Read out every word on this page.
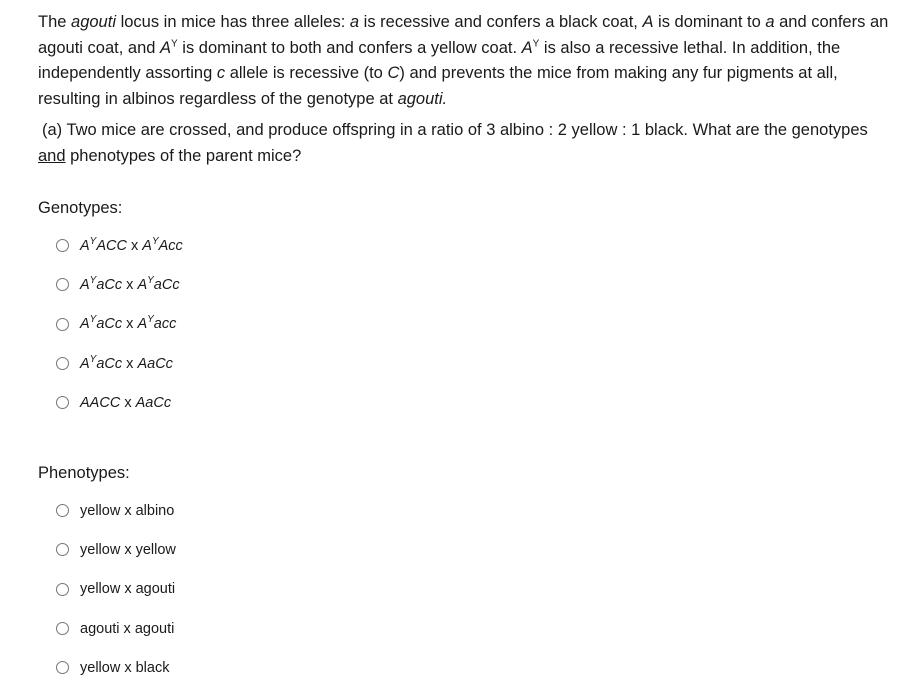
The agouti locus in mice has three alleles: a is recessive and confers a black coat, A is dominant to a and confers an agouti coat, and $A^Y$ is dominant to both and confers a yellow coat. $A^Y$ is also a recessive lethal. In addition, the independently assorting c allele is recessive (to C) and prevents the mice from making any fur pigments at all, resulting in albinos regardless of the genotype at agouti.

(a) Two mice are crossed, and produce offspring in a ratio of 3 albino : 2 yellow : 1 black. What are the genotypes and phenotypes of the parent mice?

Genotypes:

$A^YACC$ x $A^YAcc$
$A^YaCc$ x $A^YaCc$
$A^YaCc$ x $A^Yacc$
$A^YaCc$ x AaCc
AACC x AaCc

Phenotypes:

yellow x albino
yellow x yellow
yellow x agouti
agouti x agouti
yellow x black
